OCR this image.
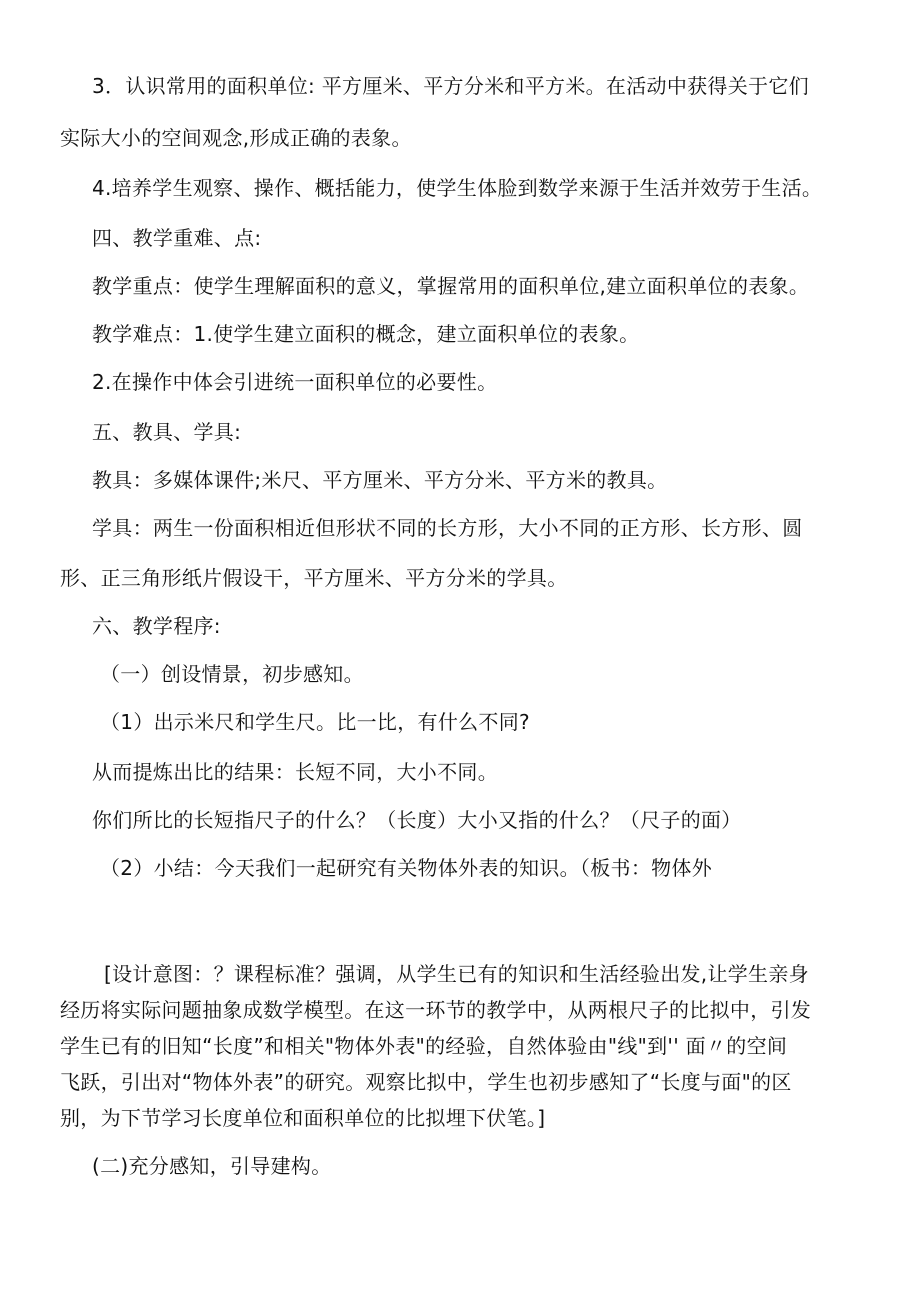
3．认识常用的面积单位: 平方厘米、平方分米和平方米。在活动中获得关于它们
实际大小的空间观念,形成正确的表象。
4.培养学生观察、操作、概括能力，使学生体脸到数学来源于生活并效劳于生活。
四、教学重难、点:
教学重点：使学生理解面积的意义，掌握常用的面积单位,建立面积单位的表象。
教学难点：1.使学生建立面积的概念，建立面积单位的表象。
2.在操作中体会引进统一面积单位的必要性。
五、教具、学具:
教具：多媒体课件;米尺、平方厘米、平方分米、平方米的教具。
学具：两生一份面积相近但形状不同的长方形，大小不同的正方形、长方形、圆
形、正三角形纸片假设干，平方厘米、平方分米的学具。
六、教学程序:
（一）创设情景，初步感知。
（1）出示米尺和学生尺。比一比，有什么不同?
从而提炼出比的结果：长短不同，大小不同。
你们所比的长短指尺子的什么？（长度）大小又指的什么？（尺子的面）
（2）小结：今天我们一起研究有关物体外表的知识。（板书：物体外
[设计意图：？课程标准？强调，从学生已有的知识和生活经验出发,让学生亲身
经历将实际问题抽象成数学模型。在这一环节的教学中，从两根尺子的比拟中，引发
学生已有的旧知“长度”和相关"物体外表"的经验，自然体验由"线"到'' 面〃的空间
飞跃，引出对“物体外表”的研究。观察比拟中，学生也初步感知了“长度与面"的区
别，为下节学习长度单位和面积单位的比拟埋下伏笔。]
(二)充分感知，引导建构。
